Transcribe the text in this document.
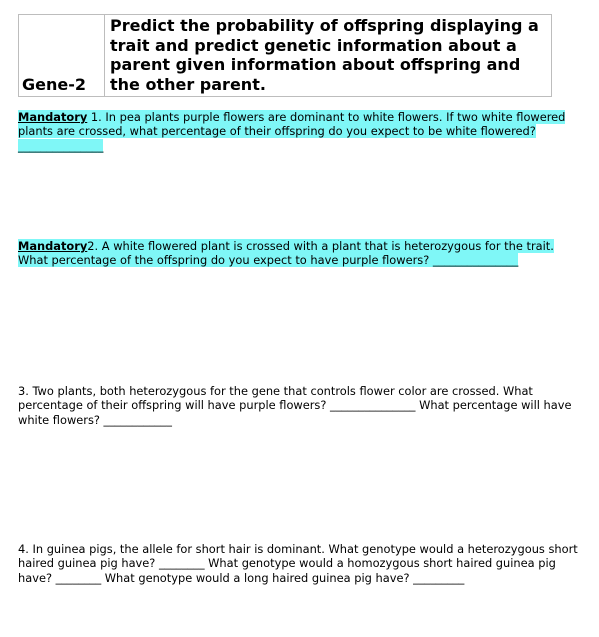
Gene-2	Predict the probability of offspring displaying a trait and predict genetic information about a parent given information about offspring and the other parent.
Mandatory 1. In pea plants purple flowers are dominant to white flowers. If two white flowered plants are crossed, what percentage of their offspring do you expect to be white flowered? _______________
Mandatory2. A white flowered plant is crossed with a plant that is heterozygous for the trait. What percentage of the offspring do you expect to have purple flowers? _______________
3. Two plants, both heterozygous for the gene that controls flower color are crossed. What percentage of their offspring will have purple flowers? _______________ What percentage will have white flowers? ____________
4. In guinea pigs, the allele for short hair is dominant. What genotype would a heterozygous short haired guinea pig have? ________ What genotype would a homozygous short haired guinea pig have? ________ What genotype would a long haired guinea pig have? _________
